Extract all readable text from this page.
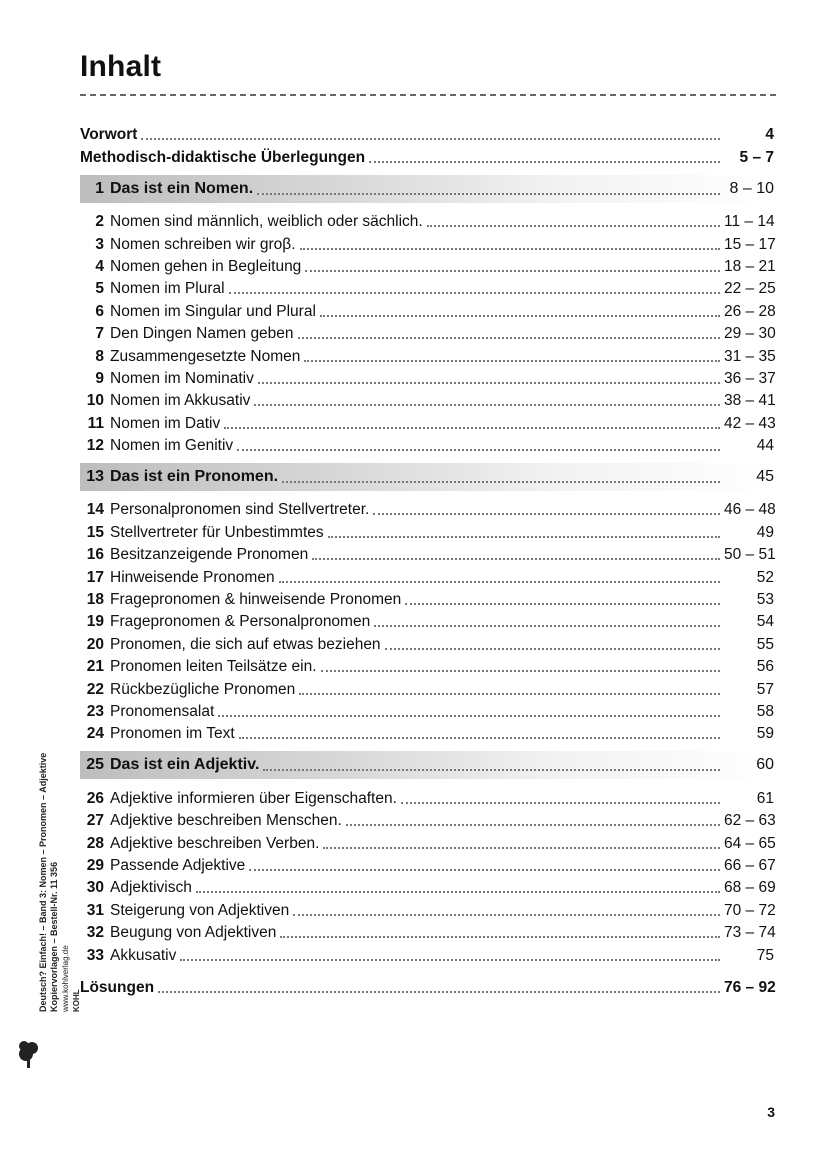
Inhalt
Vorwort	4
Methodisch-didaktische Überlegungen	5 – 7
1 Das ist ein Nomen.	8 – 10
2 Nomen sind männlich, weiblich oder sächlich.	11 – 14
3 Nomen schreiben wir groβ.	15 – 17
4 Nomen gehen in Begleitung	18 – 21
5 Nomen im Plural	22 – 25
6 Nomen im Singular und Plural	26 – 28
7 Den Dingen Namen geben	29 – 30
8 Zusammengesetzte Nomen	31 – 35
9 Nomen im Nominativ	36 – 37
10 Nomen im Akkusativ	38 – 41
11 Nomen im Dativ	42 – 43
12 Nomen im Genitiv	44
13 Das ist ein Pronomen.	45
14 Personalpronomen sind Stellvertreter.	46 – 48
15 Stellvertreter für Unbestimmtes	49
16 Besitzanzeigende Pronomen	50 – 51
17 Hinweisende Pronomen	52
18 Fragepronomen & hinweisende Pronomen	53
19 Fragepronomen & Personalpronomen	54
20 Pronomen, die sich auf etwas beziehen	55
21 Pronomen leiten Teilsätze ein.	56
22 Rückbezügliche Pronomen	57
23 Pronomensalat	58
24 Pronomen im Text	59
25 Das ist ein Adjektiv.	60
26 Adjektive informieren über Eigenschaften.	61
27 Adjektive beschreiben Menschen.	62 – 63
28 Adjektive beschreiben Verben.	64 – 65
29 Passende Adjektive	66 – 67
30 Adjektivisch	68 – 69
31 Steigerung von Adjektiven	70 – 72
32 Beugung von Adjektiven	73 – 74
33 Akkusativ	75
Lösungen	76 – 92
Deutsch? Einfach! – Band 3: Nomen – Pronomen – Adjektive Kopiervorlagen – Bestell-Nr. 11 356 www.kohlverlag.de KOHL
3
